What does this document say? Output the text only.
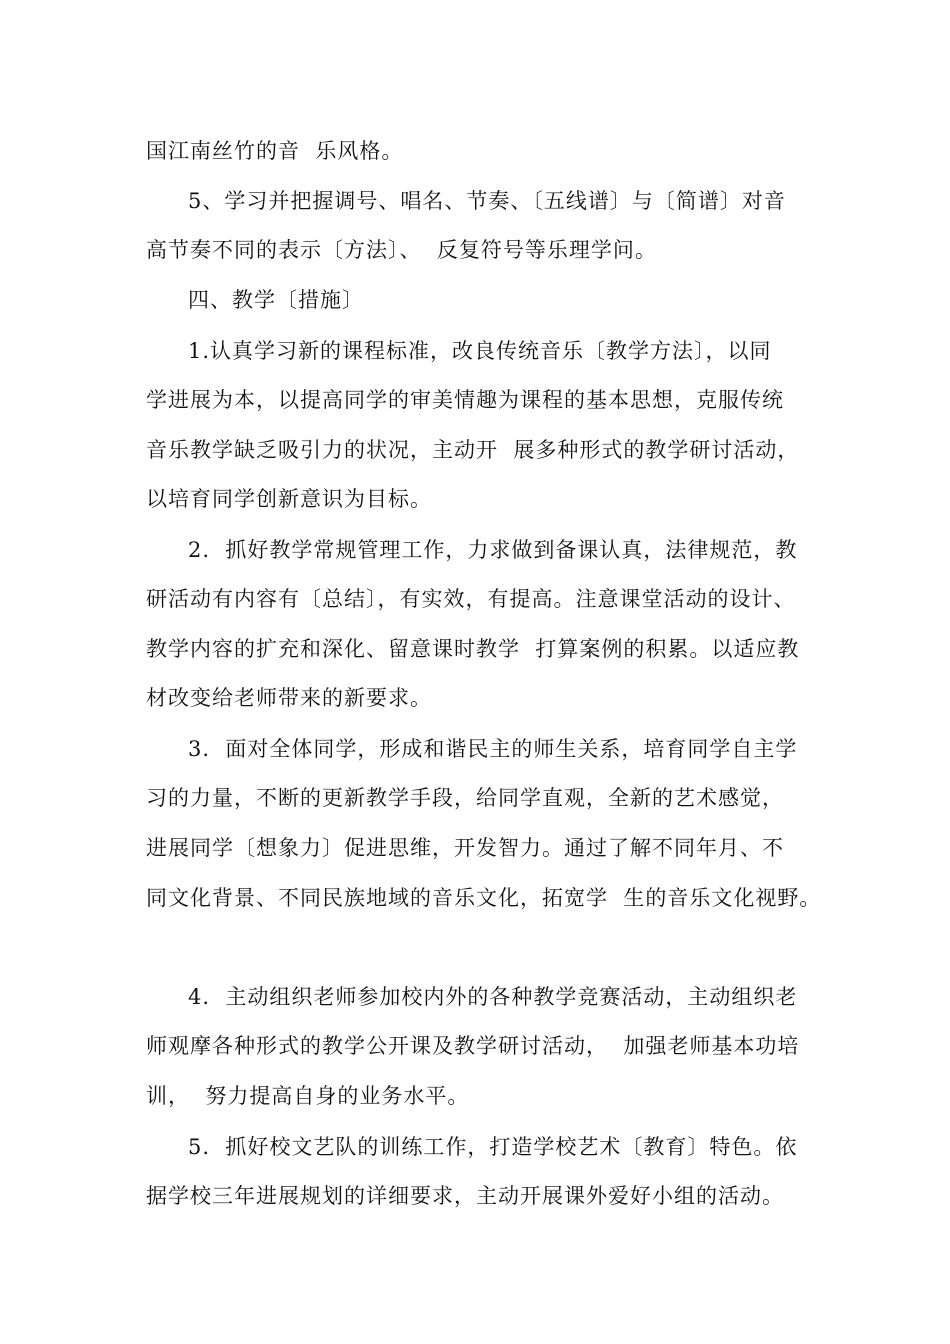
国江南丝竹的音  乐风格。
5、学习并把握调号、唱名、节奏、〔五线谱〕与〔简谱〕对音
高节奏不同的表示〔方法〕、  反复符号等乐理学问。
四、教学〔措施〕
1.认真学习新的课程标准，改良传统音乐〔教学方法〕，以同
学进展为本，以提高同学的审美情趣为课程的基本思想，克服传统
音乐教学缺乏吸引力的状况，主动开  展多种形式的教学研讨活动，
以培育同学创新意识为目标。
2.  抓好教学常规管理工作，力求做到备课认真，法律规范，教
研活动有内容有〔总结〕，有实效，有提高。注意课堂活动的设计、
教学内容的扩充和深化、留意课时教学  打算案例的积累。以适应教
材改变给老师带来的新要求。
3.  面对全体同学，形成和谐民主的师生关系，培育同学自主学
习的力量，不断的更新教学手段，给同学直观，全新的艺术感觉，
进展同学〔想象力〕促进思维，开发智力。通过了解不同年月、不
同文化背景、不同民族地域的音乐文化，拓宽学  生的音乐文化视野。
4.  主动组织老师参加校内外的各种教学竞赛活动，主动组织老
师观摩各种形式的教学公开课及教学研讨活动，  加强老师基本功培
训，  努力提高自身的业务水平。
5.  抓好校文艺队的训练工作，打造学校艺术〔教育〕特色。依
据学校三年进展规划的详细要求，主动开展课外爱好小组的活动。
